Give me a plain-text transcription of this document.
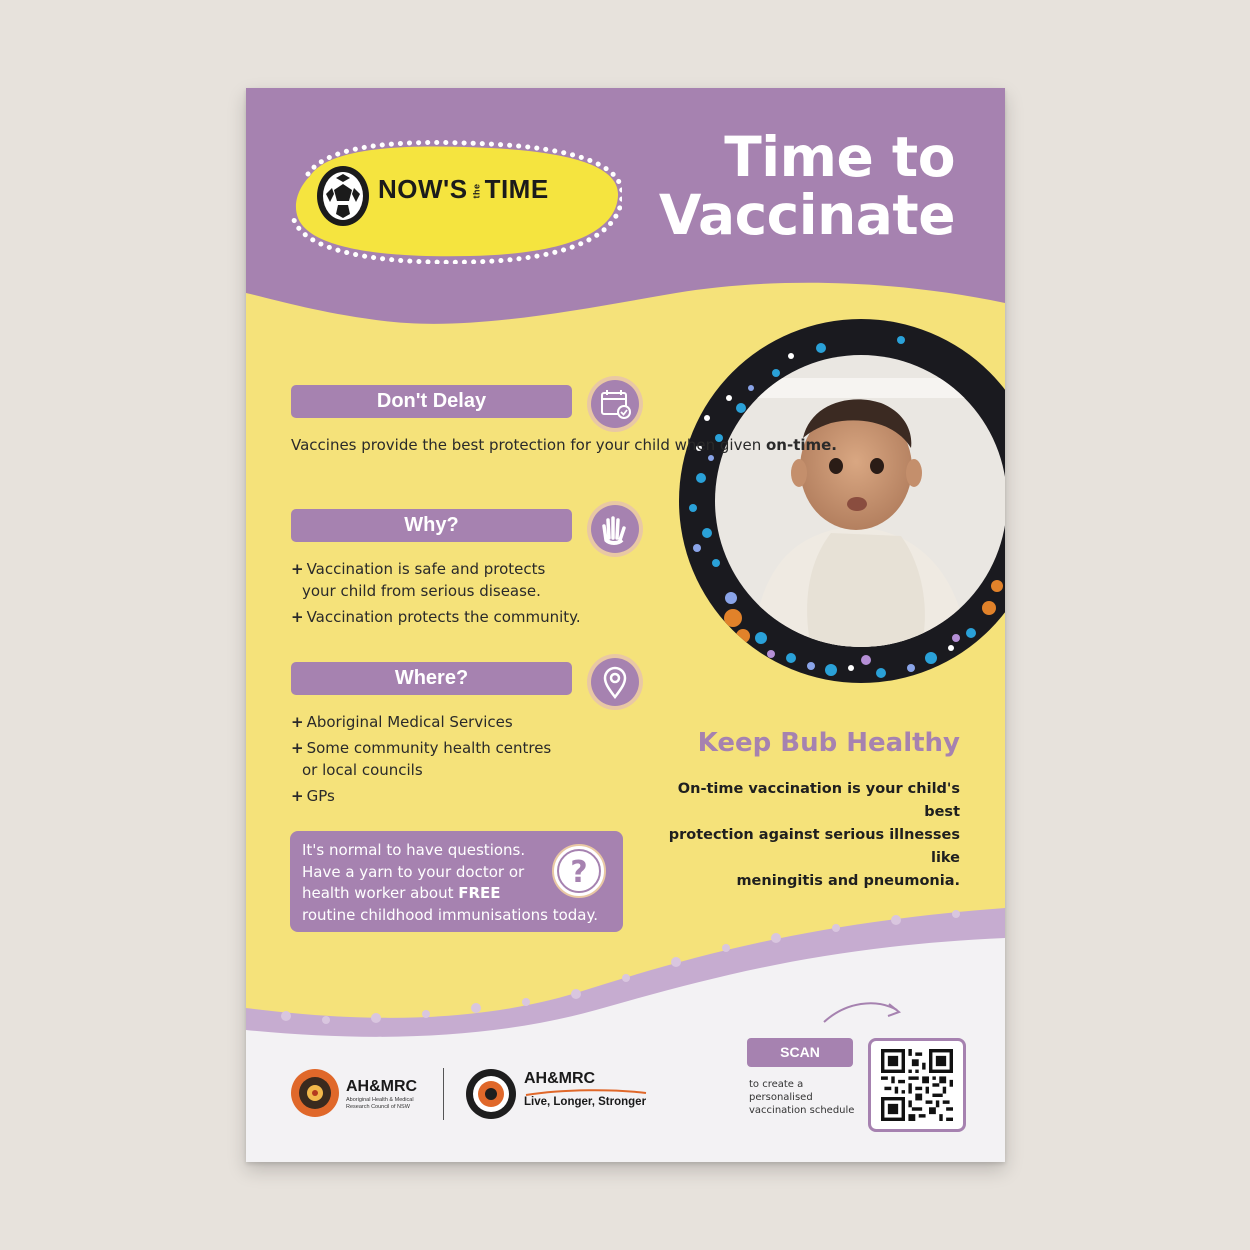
NOW'S the TIME	Time to
Vaccinate
Don't Delay
Vaccines provide the best protection for your child when given on-time.
Why?
+ Vaccination is safe and protects
your child from serious disease.
+ Vaccination protects the community.
Where?
+ Aboriginal Medical Services
+ Some community health centres
or local councils
+ GPs
It's normal to have questions.
Have a yarn to your doctor or
health worker about FREE
routine childhood immunisations today.
?
Keep Bub Healthy
On-time vaccination is your child's best
protection against serious illnesses like
meningitis and pneumonia.
AH&MRC
Aboriginal Health & Medical
Research Council of NSW
AH&MRC
Live, Longer, Stronger
SCAN
to create a
personalised
vaccination schedule
